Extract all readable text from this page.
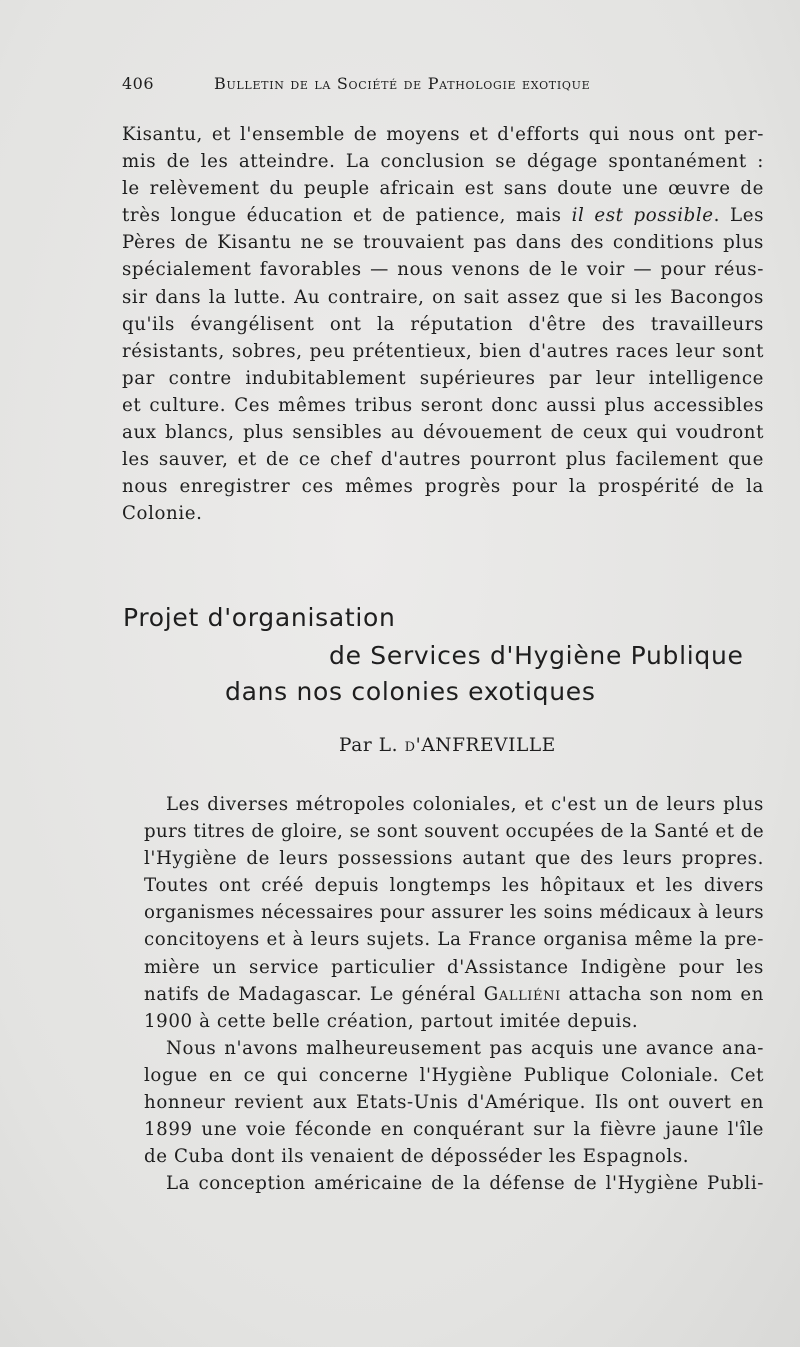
406	Bulletin de la Société de Pathologie exotique

Kisantu, et l'ensemble de moyens et d'efforts qui nous ont per-
mis de les atteindre. La conclusion se dégage spontanément :
le relèvement du peuple africain est sans doute une œuvre de
très longue éducation et de patience, mais il est possible. Les
Pères de Kisantu ne se trouvaient pas dans des conditions plus
spécialement favorables — nous venons de le voir — pour réus-
sir dans la lutte. Au contraire, on sait assez que si les Bacongos
qu'ils évangélisent ont la réputation d'être des travailleurs
résistants, sobres, peu prétentieux, bien d'autres races leur sont
par contre indubitablement supérieures par leur intelligence
et culture. Ces mêmes tribus seront donc aussi plus accessibles
aux blancs, plus sensibles au dévouement de ceux qui voudront
les sauver, et de ce chef d'autres pourront plus facilement que
nous enregistrer ces mêmes progrès pour la prospérité de la
Colonie.

Projet d'organisation
de Services d'Hygiène Publique
dans nos colonies exotiques
Par L. d'ANFREVILLE

Les diverses métropoles coloniales, et c'est un de leurs plus
purs titres de gloire, se sont souvent occupées de la Santé et de
l'Hygiène de leurs possessions autant que des leurs propres.
Toutes ont créé depuis longtemps les hôpitaux et les divers
organismes nécessaires pour assurer les soins médicaux à leurs
concitoyens et à leurs sujets. La France organisa même la pre-
mière un service particulier d'Assistance Indigène pour les
natifs de Madagascar. Le général Galliéni attacha son nom en
1900 à cette belle création, partout imitée depuis.

Nous n'avons malheureusement pas acquis une avance ana-
logue en ce qui concerne l'Hygiène Publique Coloniale. Cet
honneur revient aux Etats-Unis d'Amérique. Ils ont ouvert en
1899 une voie féconde en conquérant sur la fièvre jaune l'île
de Cuba dont ils venaient de déposséder les Espagnols.

La conception américaine de la défense de l'Hygiène Publi-
